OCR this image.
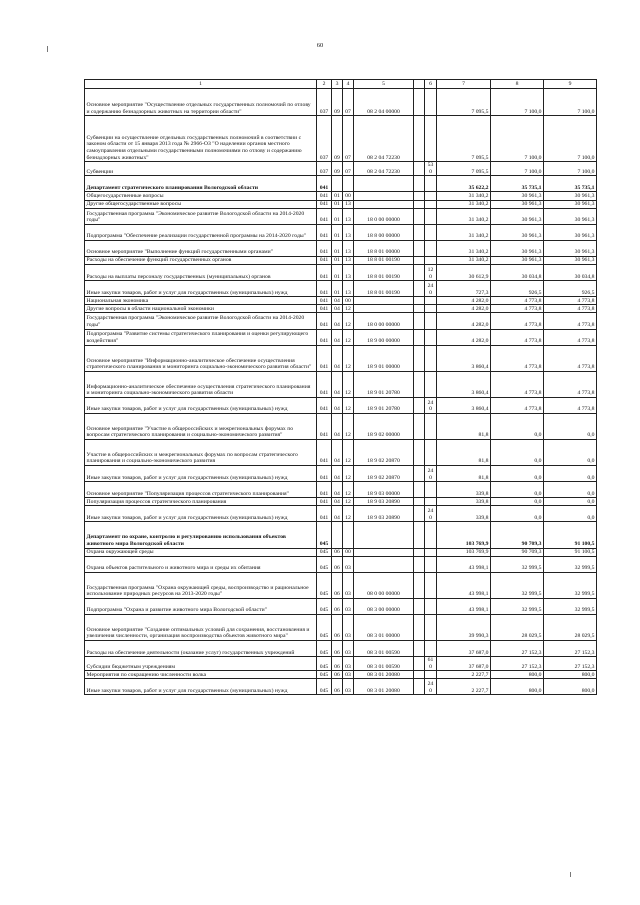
60
1	2	3	4	5		6	7	8	9
Основное мероприятие "Осуществление отдельных государственных полномочий по отлову и содержанию безнадзорных животных на территории области"	037	09	07	08 2 04 00000			7 095,5	7 100,0	7 100,0
Субвенции на осуществление отдельных государственных полномочий в соответствии с законом области от 15 января 2013 года № 2966-ОЗ "О наделении органов местного самоуправления отдельными государственными полномочиями по отлову и содержанию безнадзорных животных"	037	09	07	08 2 04 72230			7 095,5	7 100,0	7 100,0
Субвенции	037	09	07	08 2 04 72230		530	7 095,5	7 100,0	7 100,0
Департамент стратегического планирования Вологодской области	041						35 622,2	35 735,1	35 735,1
Общегосударственные вопросы	041	01	00				31 340,2	30 961,3	30 961,3
Другие общегосударственные вопросы	041	01	13				31 340,2	30 961,3	30 961,3
Государственная программа "Экономическое развитие Вологодской области на 2014-2020 годы"	041	01	13	18 0 00 00000			31 340,2	30 961,3	30 961,3
Подпрограмма "Обеспечение реализации государственной программы на 2014-2020 годы"	041	01	13	18 8 00 00000			31 340,2	30 961,3	30 961,3
Основное мероприятие "Выполнение функций государственными органами"	041	01	13	18 8 01 00000			31 340,2	30 961,3	30 961,3
Расходы на обеспечение функций государственных органов	041	01	13	18 8 01 00190			31 340,2	30 961,3	30 961,3
Расходы на выплаты персоналу государственных (муниципальных) органов	041	01	13	18 8 01 00190		120	30 612,9	30 034,8	30 034,8
Иные закупки товаров, работ и услуг для государственных (муниципальных) нужд	041	01	13	18 8 01 00190		240	727,3	926,5	926,5
Национальная экономика	041	04	00				4 282,0	4 773,8	4 773,8
Другие вопросы в области национальной экономики	041	04	12				4 282,0	4 773,8	4 773,8
Государственная программа "Экономическое развитие Вологодской области на 2014-2020 годы"	041	04	12	18 0 00 00000			4 282,0	4 773,8	4 773,8
Подпрограмма "Развитие системы стратегического планирования и оценки регулирующего воздействия"	041	04	12	18 9 00 00000			4 282,0	4 773,8	4 773,8
Основное мероприятие "Информационно-аналитическое обеспечение осуществления стратегического планирования и мониторинга социально-экономического развития области"	041	04	12	18 9 01 00000			3 860,4	4 773,8	4 773,8
Информационно-аналитическое обеспечение осуществления стратегического планирования и мониторинга социально-экономического развития области	041	04	12	18 9 01 20780			3 860,4	4 773,8	4 773,8
Иные закупки товаров, работ и услуг для государственных (муниципальных) нужд	041	04	12	18 9 01 20780		240	3 860,4	4 773,8	4 773,8
Основное мероприятие "Участие в общероссийских и межрегиональных форумах по вопросам стратегического планирования и социально-экономического развития"	041	04	12	18 9 02 00000			81,8	0,0	0,0
Участие в общероссийских и межрегиональных форумах по вопросам стратегического планирования и социально-экономического развития	041	04	12	18 9 02 20870			81,8	0,0	0,0
Иные закупки товаров, работ и услуг для государственных (муниципальных) нужд	041	04	12	18 9 02 20870		240	81,8	0,0	0,0
Основное мероприятие "Популяризация процессов стратегического планирования"	041	04	12	18 9 03 00000			339,8	0,0	0,0
Популяризация процессов стратегического планирования	041	04	12	18 9 03 20890			339,8	0,0	0,0
Иные закупки товаров, работ и услуг для государственных (муниципальных) нужд	041	04	12	18 9 03 20890		240	339,8	0,0	0,0
Департамент по охране, контролю и регулированию использования объектов животного мира Вологодской области	045						103 769,9	90 709,3	91 100,5
Охрана окружающей среды	045	06	00				103 769,9	90 709,3	91 100,5
Охрана объектов растительного и животного мира и среды их обитания	045	06	03				43 998,1	32 999,5	32 999,5
Государственная программа "Охрана окружающей среды, воспроизводство и рациональное использование природных ресурсов на 2013-2020 годы"	045	06	03	08 0 00 00000			43 998,1	32 999,5	32 999,5
Подпрограмма "Охрана и развитие животного мира Вологодской области"	045	06	03	08 3 00 00000			43 998,1	32 999,5	32 999,5
Основное мероприятие "Создание оптимальных условий для сохранения, восстановления и увеличения численности, организация воспроизводства объектов животного мира"	045	06	03	08 3 01 00000			39 990,3	28 029,5	28 029,5
Расходы на обеспечение деятельности (оказание услуг) государственных учреждений	045	06	03	08 3 01 00590			37 687,0	27 152,3	27 152,3
Субсидии бюджетным учреждениям	045	06	03	08 3 01 00590		610	37 687,0	27 152,3	27 152,3
Мероприятия по сокращению численности волка	045	06	03	08 3 01 20080			2 227,7	800,0	800,0
Иные закупки товаров, работ и услуг для государственных (муниципальных) нужд	045	06	03	08 3 01 20080		240	2 227,7	800,0	800,0
